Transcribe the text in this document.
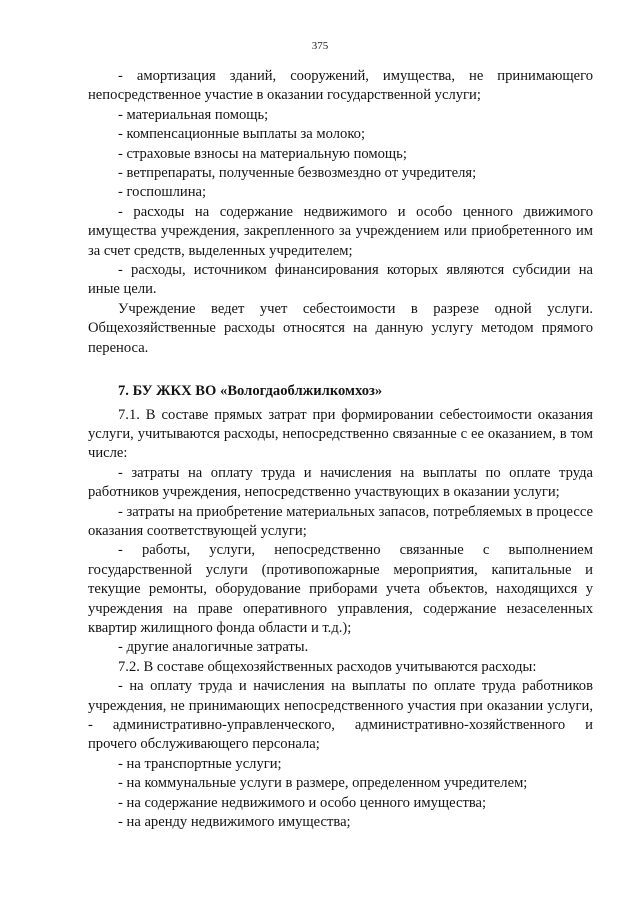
375

- амортизация зданий, сооружений, имущества, не принимающего непосредственное участие в оказании государственной услуги;

- материальная помощь;

- компенсационные выплаты за молоко;

- страховые взносы на материальную помощь;

- ветпрепараты, полученные безвозмездно от учредителя;

- госпошлина;

- расходы на содержание недвижимого и особо ценного движимого имущества учреждения, закрепленного за учреждением или приобретенного им за счет средств, выделенных учредителем;

- расходы, источником финансирования которых являются субсидии на иные цели.

Учреждение ведет учет себестоимости в разрезе одной услуги. Общехозяйственные расходы относятся на данную услугу методом прямого переноса.

7. БУ ЖКХ ВО «Вологдаоблжилкомхоз»

7.1. В составе прямых затрат при формировании себестоимости оказания услуги, учитываются расходы, непосредственно связанные с ее оказанием, в том числе:

- затраты на оплату труда и начисления на выплаты по оплате труда работников учреждения, непосредственно участвующих в оказании услуги;

- затраты на приобретение материальных запасов, потребляемых в процессе оказания соответствующей услуги;

- работы, услуги, непосредственно связанные с выполнением государственной услуги (противопожарные мероприятия, капитальные и текущие ремонты, оборудование приборами учета объектов, находящихся у учреждения на праве оперативного управления, содержание незаселенных квартир жилищного фонда области и т.д.);

- другие аналогичные затраты.

7.2. В составе общехозяйственных расходов учитываются расходы:

- на оплату труда и начисления на выплаты по оплате труда работников учреждения, не принимающих непосредственного участия при оказании услуги, - административно-управленческого, административно-хозяйственного и прочего обслуживающего персонала;

- на транспортные услуги;

- на коммунальные услуги в размере, определенном учредителем;

- на содержание недвижимого и особо ценного имущества;

- на аренду недвижимого имущества;
